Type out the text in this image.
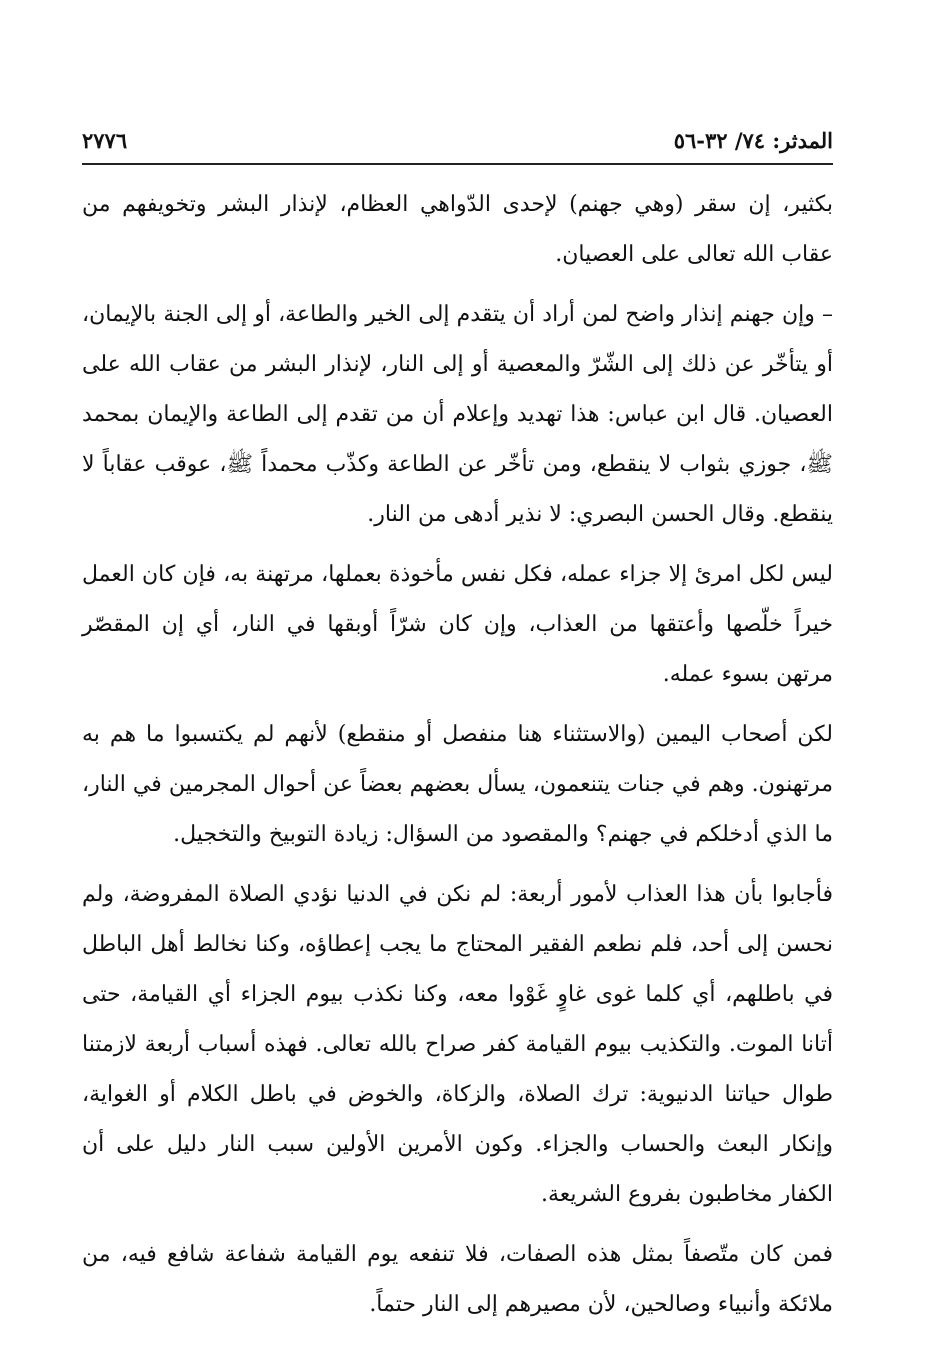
المدثر: ٧٤/ ٣٢-٥٦
٢٧٧٦

بكثير، إن سقر (وهي جهنم) لإحدى الدّواهي العظام، لإنذار البشر وتخويفهم من عقاب الله تعالى على العصيان.

– وإن جهنم إنذار واضح لمن أراد أن يتقدم إلى الخير والطاعة، أو إلى الجنة بالإيمان، أو يتأخّر عن ذلك إلى الشّرّ والمعصية أو إلى النار، لإنذار البشر من عقاب الله على العصيان. قال ابن عباس: هذا تهديد وإعلام أن من تقدم إلى الطاعة والإيمان بمحمد ﷺ، جوزي بثواب لا ينقطع، ومن تأخّر عن الطاعة وكذّب محمداً ﷺ، عوقب عقاباً لا ينقطع. وقال الحسن البصري: لا نذير أدهى من النار.

ليس لكل امرئ إلا جزاء عمله، فكل نفس مأخوذة بعملها، مرتهنة به، فإن كان العمل خيراً خلّصها وأعتقها من العذاب، وإن كان شرّاً أوبقها في النار، أي إن المقصّر مرتهن بسوء عمله.

لكن أصحاب اليمين (والاستثناء هنا منفصل أو منقطع) لأنهم لم يكتسبوا ما هم به مرتهنون. وهم في جنات يتنعمون، يسأل بعضهم بعضاً عن أحوال المجرمين في النار، ما الذي أدخلكم في جهنم؟ والمقصود من السؤال: زيادة التوبيخ والتخجيل.

فأجابوا بأن هذا العذاب لأمور أربعة: لم نكن في الدنيا نؤدي الصلاة المفروضة، ولم نحسن إلى أحد، فلم نطعم الفقير المحتاج ما يجب إعطاؤه، وكنا نخالط أهل الباطل في باطلهم، أي كلما غوى غاوٍ غَوْوا معه، وكنا نكذب بيوم الجزاء أي القيامة، حتى أتانا الموت. والتكذيب بيوم القيامة كفر صراح بالله تعالى. فهذه أسباب أربعة لازمتنا طوال حياتنا الدنيوية: ترك الصلاة، والزكاة، والخوض في باطل الكلام أو الغواية، وإنكار البعث والحساب والجزاء. وكون الأمرين الأولين سبب النار دليل على أن الكفار مخاطبون بفروع الشريعة.

فمن كان متّصفاً بمثل هذه الصفات، فلا تنفعه يوم القيامة شفاعة شافع فيه، من ملائكة وأنبياء وصالحين، لأن مصيرهم إلى النار حتماً.
